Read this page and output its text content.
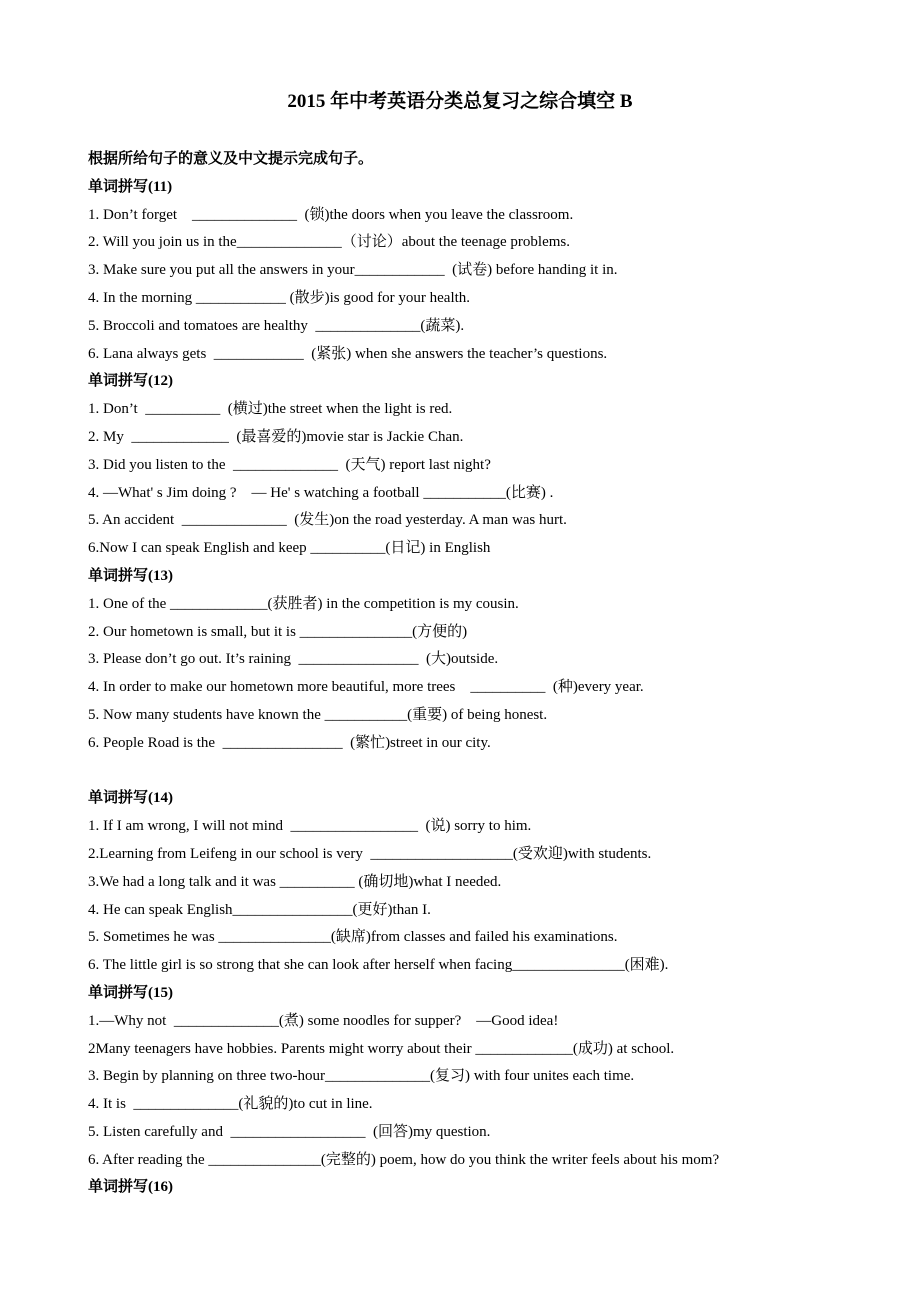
2015 年中考英语分类总复习之综合填空 B
根据所给句子的意义及中文提示完成句子。
单词拼写(11)
1. Don’t forget    ______________  (锁)the doors when you leave the classroom.
2. Will you join us in the______________（讨论）about the teenage problems.
3. Make sure you put all the answers in your____________  (试卷) before handing it in.
4. In the morning ____________ (散步)is good for your health.
5. Broccoli and tomatoes are healthy  ______________(蔬菜).
6. Lana always gets  ____________  (紧张) when she answers the teacher’s questions.
单词拼写(12)
1. Don’t  __________  (横过)the street when the light is red.
2. My  _____________  (最喜爱的)movie star is Jackie Chan.
3. Did you listen to the  ______________  (天气) report last night?
4. —What' s Jim doing ?    — He' s watching a football ___________(比赛) .
5. An accident  ______________  (发生)on the road yesterday. A man was hurt.
6.Now I can speak English and keep __________(日记) in English
单词拼写(13)
1. One of the _____________(获胜者) in the competition is my cousin.
2. Our hometown is small, but it is _______________(方便的)
3. Please don’t go out. It’s raining  ________________  (大)outside.
4. In order to make our hometown more beautiful, more trees    __________  (种)every year.
5. Now many students have known the ___________(重要) of being honest.
6. People Road is the  ________________  (繁忙)street in our city.
单词拼写(14)
1. If I am wrong, I will not mind  _________________  (说) sorry to him.
2.Learning from Leifeng in our school is very  ___________________(受欢迎)with students.
3.We had a long talk and it was __________ (确切地)what I needed.
4. He can speak English________________(更好)than I.
5. Sometimes he was _______________(缺席)from classes and failed his examinations.
6. The little girl is so strong that she can look after herself when facing_______________(困难).
单词拼写(15)
1.—Why not  ______________(煮) some noodles for supper?    —Good idea!
2Many teenagers have hobbies. Parents might worry about their _____________(成功) at school.
3. Begin by planning on three two-hour______________(复习) with four unites each time.
4. It is  ______________(礼貌的)to cut in line.
5. Listen carefully and  __________________  (回答)my question.
6. After reading the _______________(完整的) poem, how do you think the writer feels about his mom?
单词拼写(16)
